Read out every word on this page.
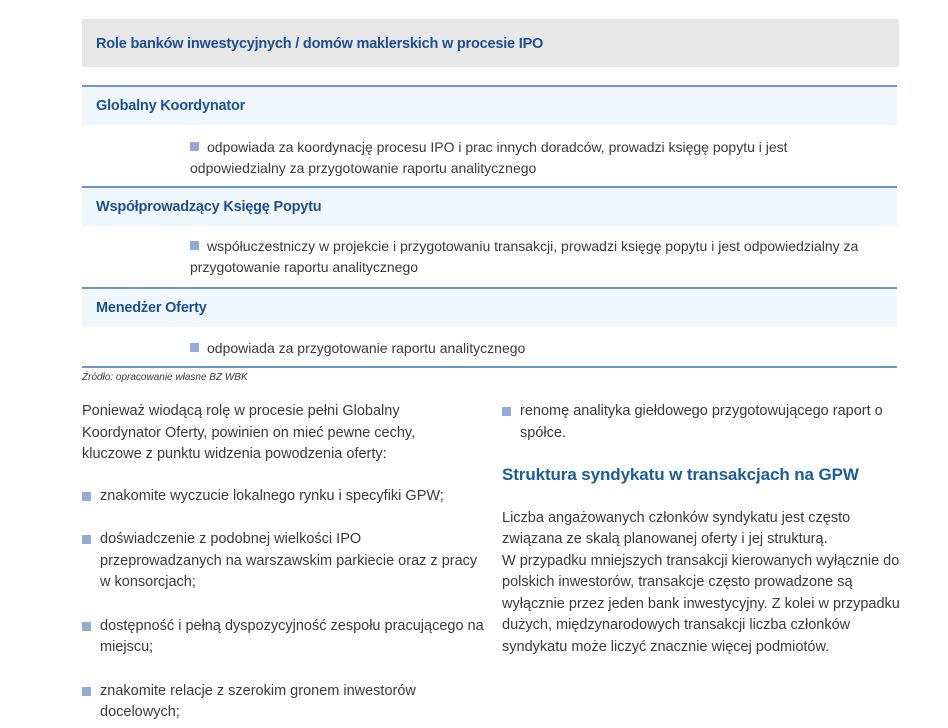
Role banków inwestycyjnych / domów maklerskich w procesie IPO
Globalny Koordynator
odpowiada za koordynację procesu IPO i prac innych doradców, prowadzi księgę popytu i jest odpowiedzialny za przygotowanie raportu analitycznego
Współprowadzący Księgę Popytu
współuczestniczy w projekcie i przygotowaniu transakcji, prowadzi księgę popytu i jest odpowiedzialny za przygotowanie raportu analitycznego
Menedżer Oferty
odpowiada za przygotowanie raportu analitycznego
Źródło: opracowanie własne BZ WBK

Ponieważ wiodącą rolę w procesie pełni Globalny Koordynator Oferty, powinien on mieć pewne cechy, kluczowe z punktu widzenia powodzenia oferty:

znakomite wyczucie lokalnego rynku i specyfiki GPW;

doświadczenie z podobnej wielkości IPO przeprowadzanych na warszawskim parkiecie oraz z pracy w konsorcjach;

dostępność i pełną dyspozycyjność zespołu pracującego na miejscu;

znakomite relacje z szerokim gronem inwestorów docelowych;

renomę analityka giełdowego przygotowującego raport o spółce.

Struktura syndykatu w transakcjach na GPW

Liczba angażowanych członków syndykatu jest często związana ze skalą planowanej oferty i jej strukturą.

W przypadku mniejszych transakcji kierowanych wyłącznie do polskich inwestorów, transakcje często prowadzone są wyłącznie przez jeden bank inwestycyjny. Z kolei w przypadku dużych, międzynarodowych transakcji liczba członków syndykatu może liczyć znacznie więcej podmiotów.
